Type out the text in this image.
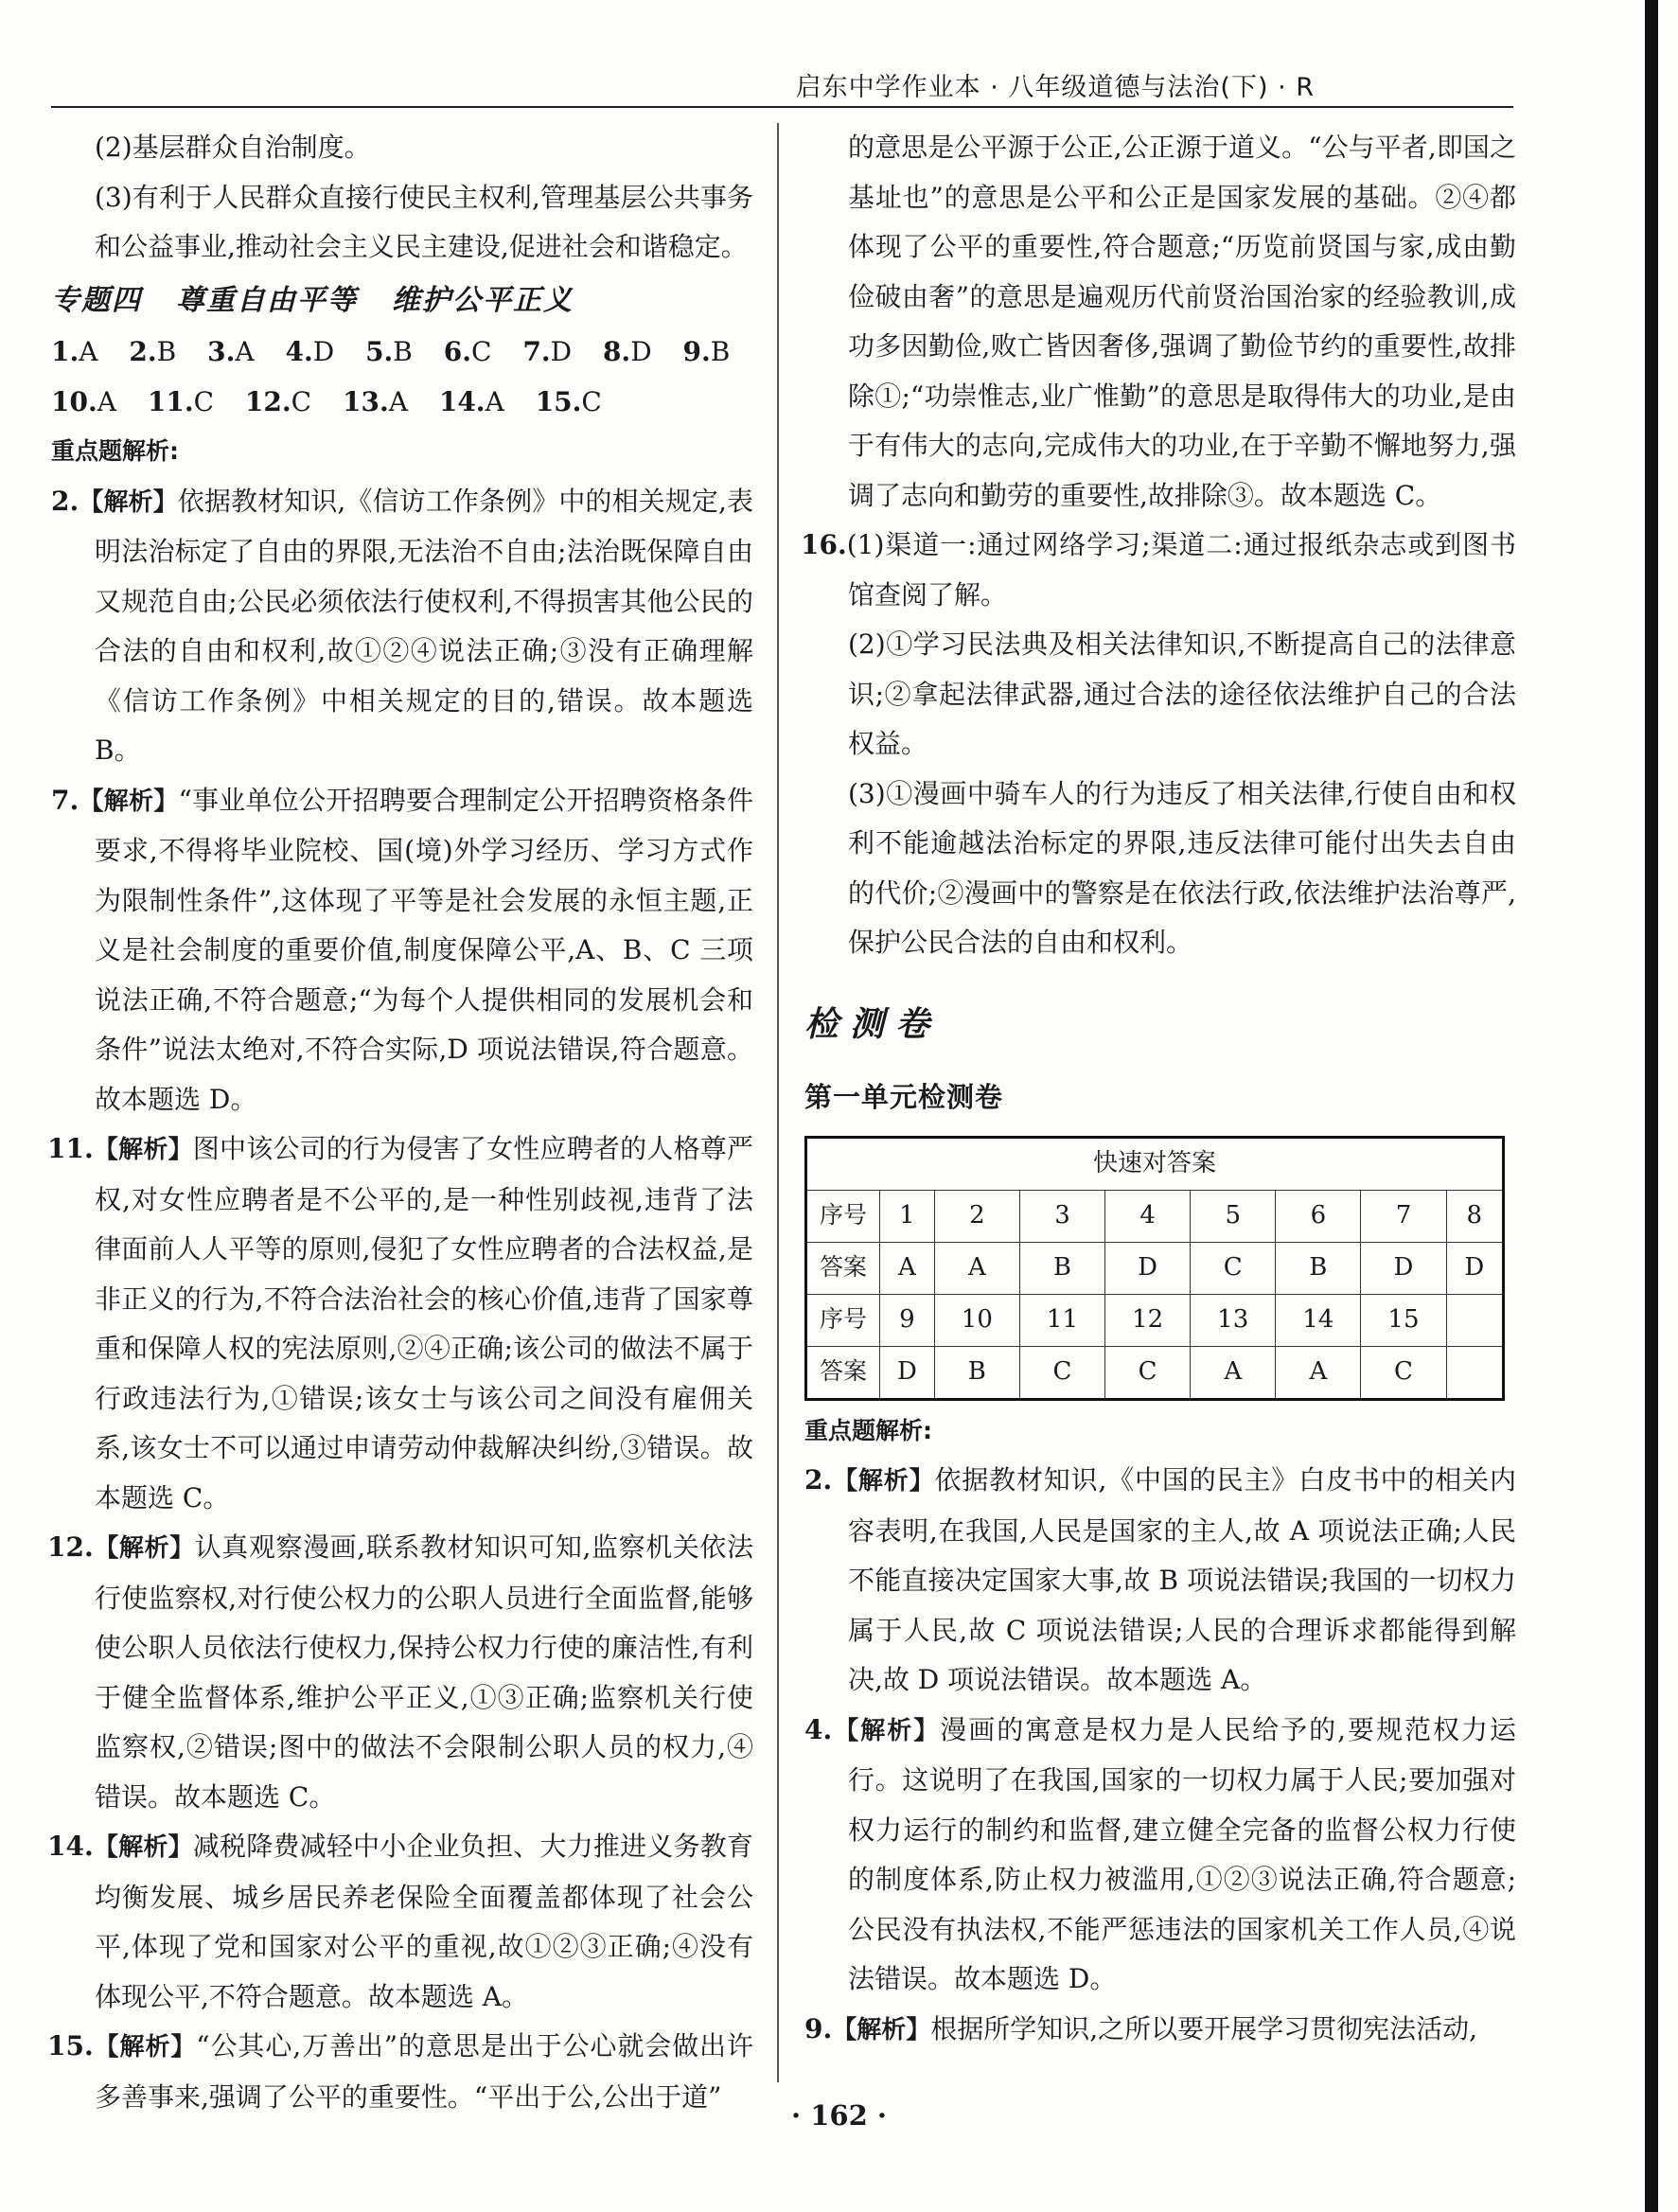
启东中学作业本 · 八年级道德与法治(下) · R

(2)基层群众自治制度。

(3)有利于人民群众直接行使民主权利,管理基层公共事务和公益事业,推动社会主义民主建设,促进社会和谐稳定。

专题四 尊重自由平等 维护公平正义
1.A 2.B 3.A 4.D 5.B 6.C 7.D 8.D 9.B
10.A 11.C 12.C 13.A 14.A 15.C
重点题解析:

2.【解析】依据教材知识,《信访工作条例》中的相关规定,表明法治标定了自由的界限,无法治不自由;法治既保障自由又规范自由;公民必须依法行使权利,不得损害其他公民的合法的自由和权利,故①②④说法正确;③没有正确理解《信访工作条例》中相关规定的目的,错误。故本题选 B。

7.【解析】“事业单位公开招聘要合理制定公开招聘资格条件要求,不得将毕业院校、国(境)外学习经历、学习方式作为限制性条件”,这体现了平等是社会发展的永恒主题,正义是社会制度的重要价值,制度保障公平,A、B、C 三项说法正确,不符合题意;“为每个人提供相同的发展机会和条件”说法太绝对,不符合实际,D 项说法错误,符合题意。故本题选 D。

11.【解析】图中该公司的行为侵害了女性应聘者的人格尊严权,对女性应聘者是不公平的,是一种性别歧视,违背了法律面前人人平等的原则,侵犯了女性应聘者的合法权益,是非正义的行为,不符合法治社会的核心价值,违背了国家尊重和保障人权的宪法原则,②④正确;该公司的做法不属于行政违法行为,①错误;该女士与该公司之间没有雇佣关系,该女士不可以通过申请劳动仲裁解决纠纷,③错误。故本题选 C。

12.【解析】认真观察漫画,联系教材知识可知,监察机关依法行使监察权,对行使公权力的公职人员进行全面监督,能够使公职人员依法行使权力,保持公权力行使的廉洁性,有利于健全监督体系,维护公平正义,①③正确;监察机关行使监察权,②错误;图中的做法不会限制公职人员的权力,④错误。故本题选 C。

14.【解析】减税降费减轻中小企业负担、大力推进义务教育均衡发展、城乡居民养老保险全面覆盖都体现了社会公平,体现了党和国家对公平的重视,故①②③正确;④没有体现公平,不符合题意。故本题选 A。

15.【解析】“公其心,万善出”的意思是出于公心就会做出许多善事来,强调了公平的重要性。“平出于公,公出于道”

的意思是公平源于公正,公正源于道义。“公与平者,即国之基址也”的意思是公平和公正是国家发展的基础。②④都体现了公平的重要性,符合题意;“历览前贤国与家,成由勤俭破由奢”的意思是遍观历代前贤治国治家的经验教训,成功多因勤俭,败亡皆因奢侈,强调了勤俭节约的重要性,故排除①;“功崇惟志,业广惟勤”的意思是取得伟大的功业,是由于有伟大的志向,完成伟大的功业,在于辛勤不懈地努力,强调了志向和勤劳的重要性,故排除③。故本题选 C。

16.(1)渠道一:通过网络学习;渠道二:通过报纸杂志或到图书馆查阅了解。

(2)①学习民法典及相关法律知识,不断提高自己的法律意识;②拿起法律武器,通过合法的途径依法维护自己的合法权益。

(3)①漫画中骑车人的行为违反了相关法律,行使自由和权利不能逾越法治标定的界限,违反法律可能付出失去自由的代价;②漫画中的警察是在依法行政,依法维护法治尊严,保护公民合法的自由和权利。

检测卷
第一单元检测卷
快速对答案								
序号	1	2	3	4	5	6	7	8
答案	A	A	B	D	C	B	D	D
序号	9	10	11	12	13	14	15	
答案	D	B	C	C	A	A	C	
重点题解析:

2.【解析】依据教材知识,《中国的民主》白皮书中的相关内容表明,在我国,人民是国家的主人,故 A 项说法正确;人民不能直接决定国家大事,故 B 项说法错误;我国的一切权力属于人民,故 C 项说法错误;人民的合理诉求都能得到解决,故 D 项说法错误。故本题选 A。

4.【解析】漫画的寓意是权力是人民给予的,要规范权力运行。这说明了在我国,国家的一切权力属于人民;要加强对权力运行的制约和监督,建立健全完备的监督公权力行使的制度体系,防止权力被滥用,①②③说法正确,符合题意;公民没有执法权,不能严惩违法的国家机关工作人员,④说法错误。故本题选 D。

9.【解析】根据所学知识,之所以要开展学习贯彻宪法活动,

· 162 ·
